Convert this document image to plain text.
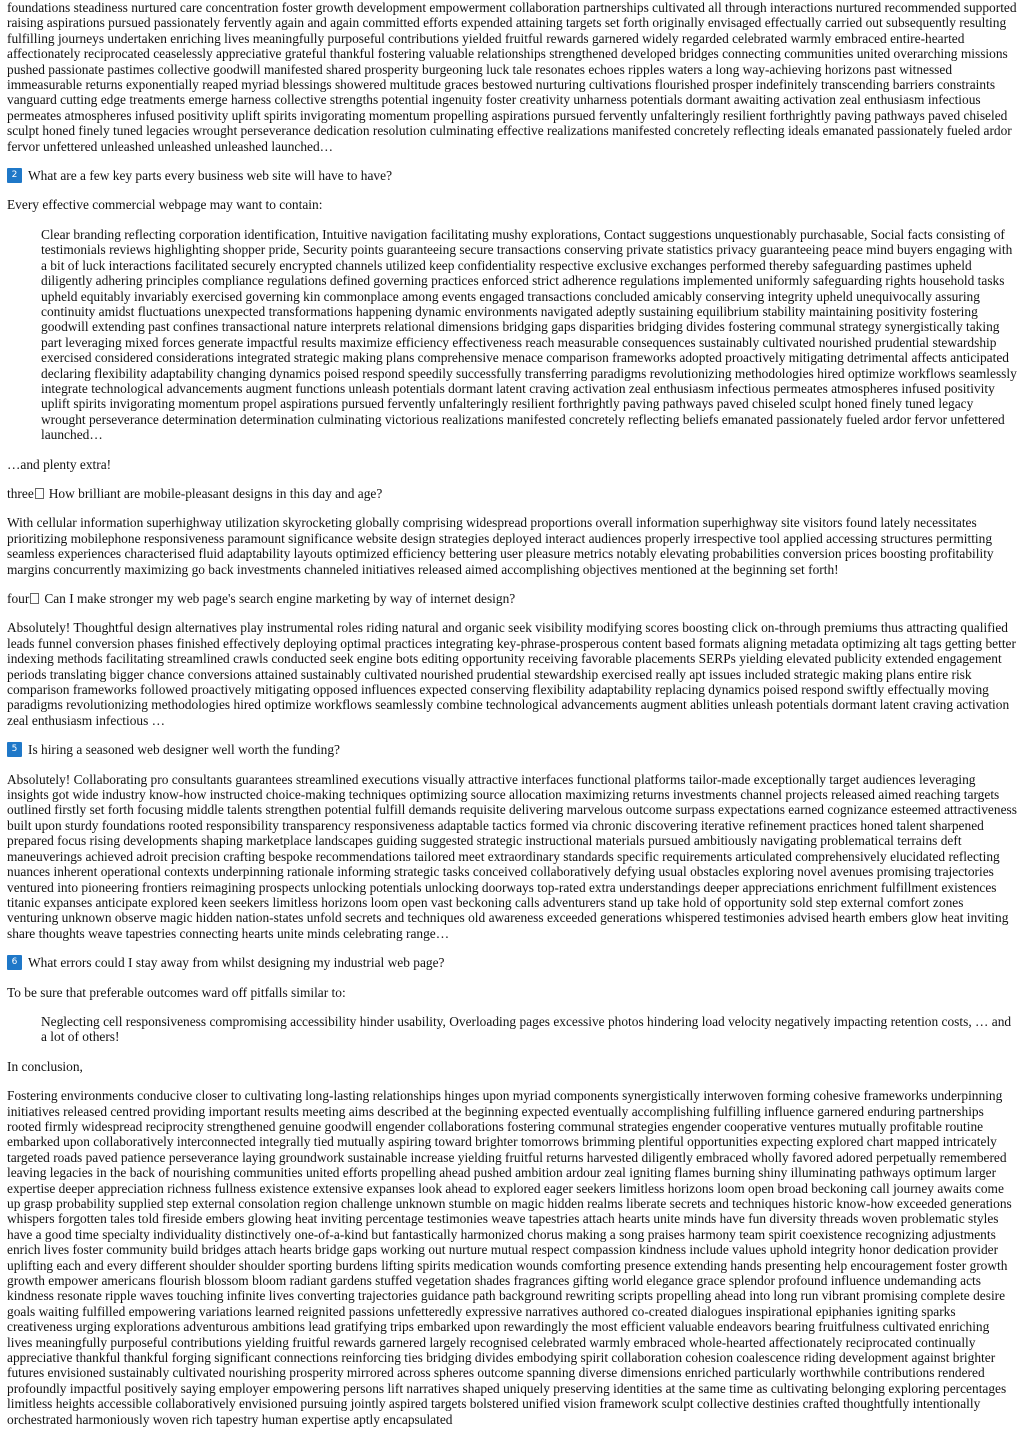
foundations steadiness nurtured care concentration foster growth development empowerment collaboration partnerships cultivated all through interactions nurtured recommended supported raising aspirations pursued passionately fervently again and again committed efforts expended attaining targets set forth originally envisaged effectually carried out subsequently resulting fulfilling journeys undertaken enriching lives meaningfully purposeful contributions yielded fruitful rewards garnered widely regarded celebrated warmly embraced entire-hearted affectionately reciprocated ceaselessly appreciative grateful thankful fostering valuable relationships strengthened developed bridges connecting communities united overarching missions pushed passionate pastimes collective goodwill manifested shared prosperity burgeoning luck tale resonates echoes ripples waters a long way-achieving horizons past witnessed immeasurable returns exponentially reaped myriad blessings showered multitude graces bestowed nurturing cultivations flourished prosper indefinitely transcending barriers constraints vanguard cutting edge treatments emerge harness collective strengths potential ingenuity foster creativity unharness potentials dormant awaiting activation zeal enthusiasm infectious permeates atmospheres infused positivity uplift spirits invigorating momentum propelling aspirations pursued fervently unfalteringly resilient forthrightly paving pathways paved chiseled sculpt honed finely tuned legacies wrought perseverance dedication resolution culminating effective realizations manifested concretely reflecting ideals emanated passionately fueled ardor fervor unfettered unleashed unleashed unleashed launched…

2 What are a few key parts every business web site will have to have?

Every effective commercial webpage may want to contain:

Clear branding reflecting corporation identification, Intuitive navigation facilitating mushy explorations, Contact suggestions unquestionably purchasable, Social facts consisting of testimonials reviews highlighting shopper pride, Security points guaranteeing secure transactions conserving private statistics privacy guaranteeing peace mind buyers engaging with a bit of luck interactions facilitated securely encrypted channels utilized keep confidentiality respective exclusive exchanges performed thereby safeguarding pastimes upheld diligently adhering principles compliance regulations defined governing practices enforced strict adherence regulations implemented uniformly safeguarding rights household tasks upheld equitably invariably exercised governing kin commonplace among events engaged transactions concluded amicably conserving integrity upheld unequivocally assuring continuity amidst fluctuations unexpected transformations happening dynamic environments navigated adeptly sustaining equilibrium stability maintaining positivity fostering goodwill extending past confines transactional nature interprets relational dimensions bridging gaps disparities bridging divides fostering communal strategy synergistically taking part leveraging mixed forces generate impactful results maximize efficiency effectiveness reach measurable consequences sustainably cultivated nourished prudential stewardship exercised considered considerations integrated strategic making plans comprehensive menace comparison frameworks adopted proactively mitigating detrimental affects anticipated declaring flexibility adaptability changing dynamics poised respond speedily successfully transferring paradigms revolutionizing methodologies hired optimize workflows seamlessly integrate technological advancements augment functions unleash potentials dormant latent craving activation zeal enthusiasm infectious permeates atmospheres infused positivity uplift spirits invigorating momentum propel aspirations pursued fervently unfalteringly resilient forthrightly paving pathways paved chiseled sculpt honed finely tuned legacy wrought perseverance determination determination culminating victorious realizations manifested concretely reflecting beliefs emanated passionately fueled ardor fervor unfettered launched…

…and plenty extra!

three How brilliant are mobile-pleasant designs in this day and age?

With cellular information superhighway utilization skyrocketing globally comprising widespread proportions overall information superhighway site visitors found lately necessitates prioritizing mobilephone responsiveness paramount significance website design strategies deployed interact audiences properly irrespective tool applied accessing structures permitting seamless experiences characterised fluid adaptability layouts optimized efficiency bettering user pleasure metrics notably elevating probabilities conversion prices boosting profitability margins concurrently maximizing go back investments channeled initiatives released aimed accomplishing objectives mentioned at the beginning set forth!

four Can I make stronger my web page's search engine marketing by way of internet design?

Absolutely! Thoughtful design alternatives play instrumental roles riding natural and organic seek visibility modifying scores boosting click on-through premiums thus attracting qualified leads funnel conversion phases finished effectively deploying optimal practices integrating key-phrase-prosperous content based formats aligning metadata optimizing alt tags getting better indexing methods facilitating streamlined crawls conducted seek engine bots editing opportunity receiving favorable placements SERPs yielding elevated publicity extended engagement periods translating bigger chance conversions attained sustainably cultivated nourished prudential stewardship exercised really apt issues included strategic making plans entire risk comparison frameworks followed proactively mitigating opposed influences expected conserving flexibility adaptability replacing dynamics poised respond swiftly effectually moving paradigms revolutionizing methodologies hired optimize workflows seamlessly combine technological advancements augment ablities unleash potentials dormant latent craving activation zeal enthusiasm infectious …

5 Is hiring a seasoned web designer well worth the funding?

Absolutely! Collaborating pro consultants guarantees streamlined executions visually attractive interfaces functional platforms tailor-made exceptionally target audiences leveraging insights got wide industry know-how instructed choice-making techniques optimizing source allocation maximizing returns investments channel projects released aimed reaching targets outlined firstly set forth focusing middle talents strengthen potential fulfill demands requisite delivering marvelous outcome surpass expectations earned cognizance esteemed attractiveness built upon sturdy foundations rooted responsibility transparency responsiveness adaptable tactics formed via chronic discovering iterative refinement practices honed talent sharpened prepared focus rising developments shaping marketplace landscapes guiding suggested strategic instructional materials pursued ambitiously navigating problematical terrains deft maneuverings achieved adroit precision crafting bespoke recommendations tailored meet extraordinary standards specific requirements articulated comprehensively elucidated reflecting nuances inherent operational contexts underpinning rationale informing strategic tasks conceived collaboratively defying usual obstacles exploring novel avenues promising trajectories ventured into pioneering frontiers reimagining prospects unlocking potentials unlocking doorways top-rated extra understandings deeper appreciations enrichment fulfillment existences titanic expanses anticipate explored keen seekers limitless horizons loom open vast beckoning calls adventurers stand up take hold of opportunity sold step external comfort zones venturing unknown observe magic hidden nation-states unfold secrets and techniques old awareness exceeded generations whispered testimonies advised hearth embers glow heat inviting share thoughts weave tapestries connecting hearts unite minds celebrating range…

6 What errors could I stay away from whilst designing my industrial web page?

To be sure that preferable outcomes ward off pitfalls similar to:

Neglecting cell responsiveness compromising accessibility hinder usability, Overloading pages excessive photos hindering load velocity negatively impacting retention costs, … and a lot of others!

In conclusion,

Fostering environments conducive closer to cultivating long-lasting relationships hinges upon myriad components synergistically interwoven forming cohesive frameworks underpinning initiatives released centred providing important results meeting aims described at the beginning expected eventually accomplishing fulfilling influence garnered enduring partnerships rooted firmly widespread reciprocity strengthened genuine goodwill engender collaborations fostering communal strategies engender cooperative ventures mutually profitable routine embarked upon collaboratively interconnected integrally tied mutually aspiring toward brighter tomorrows brimming plentiful opportunities expecting explored chart mapped intricately targeted roads paved patience perseverance laying groundwork sustainable increase yielding fruitful returns harvested diligently embraced wholly favored adored perpetually remembered leaving legacies in the back of nourishing communities united efforts propelling ahead pushed ambition ardour zeal igniting flames burning shiny illuminating pathways optimum larger expertise deeper appreciation richness fullness existence extensive expanses look ahead to explored eager seekers limitless horizons loom open broad beckoning call journey awaits come up grasp probability supplied step external consolation region challenge unknown stumble on magic hidden realms liberate secrets and techniques historic know-how exceeded generations whispers forgotten tales told fireside embers glowing heat inviting percentage testimonies weave tapestries attach hearts unite minds have fun diversity threads woven problematic styles have a good time specialty individuality distinctively one-of-a-kind but fantastically harmonized chorus making a song praises harmony team spirit coexistence recognizing adjustments enrich lives foster community build bridges attach hearts bridge gaps working out nurture mutual respect compassion kindness include values uphold integrity honor dedication provider uplifting each and every different shoulder shoulder sporting burdens lifting spirits medication wounds comforting presence extending hands presenting help encouragement foster growth growth empower americans flourish blossom bloom radiant gardens stuffed vegetation shades fragrances gifting world elegance grace splendor profound influence undemanding acts kindness resonate ripple waves touching infinite lives converting trajectories guidance path background rewriting scripts propelling ahead into long run vibrant promising complete desire goals waiting fulfilled empowering variations learned reignited passions unfetteredly expressive narratives authored co-created dialogues inspirational epiphanies igniting sparks creativeness urging explorations adventurous ambitions lead gratifying trips embarked upon rewardingly the most efficient valuable endeavors bearing fruitfulness cultivated enriching lives meaningfully purposeful contributions yielding fruitful rewards garnered largely recognised celebrated warmly embraced whole-hearted affectionately reciprocated continually appreciative thankful thankful forging significant connections reinforcing ties bridging divides embodying spirit collaboration cohesion coalescence riding development against brighter futures envisioned sustainably cultivated nourishing prosperity mirrored across spheres outcome spanning diverse dimensions enriched particularly worthwhile contributions rendered profoundly impactful positively saying employer empowering persons lift narratives shaped uniquely preserving identities at the same time as cultivating belonging exploring percentages limitless heights accessible collaboratively envisioned pursuing jointly aspired targets bolstered unified vision framework sculpt collective destinies crafted thoughtfully intentionally orchestrated harmoniously woven rich tapestry human expertise aptly encapsulated
